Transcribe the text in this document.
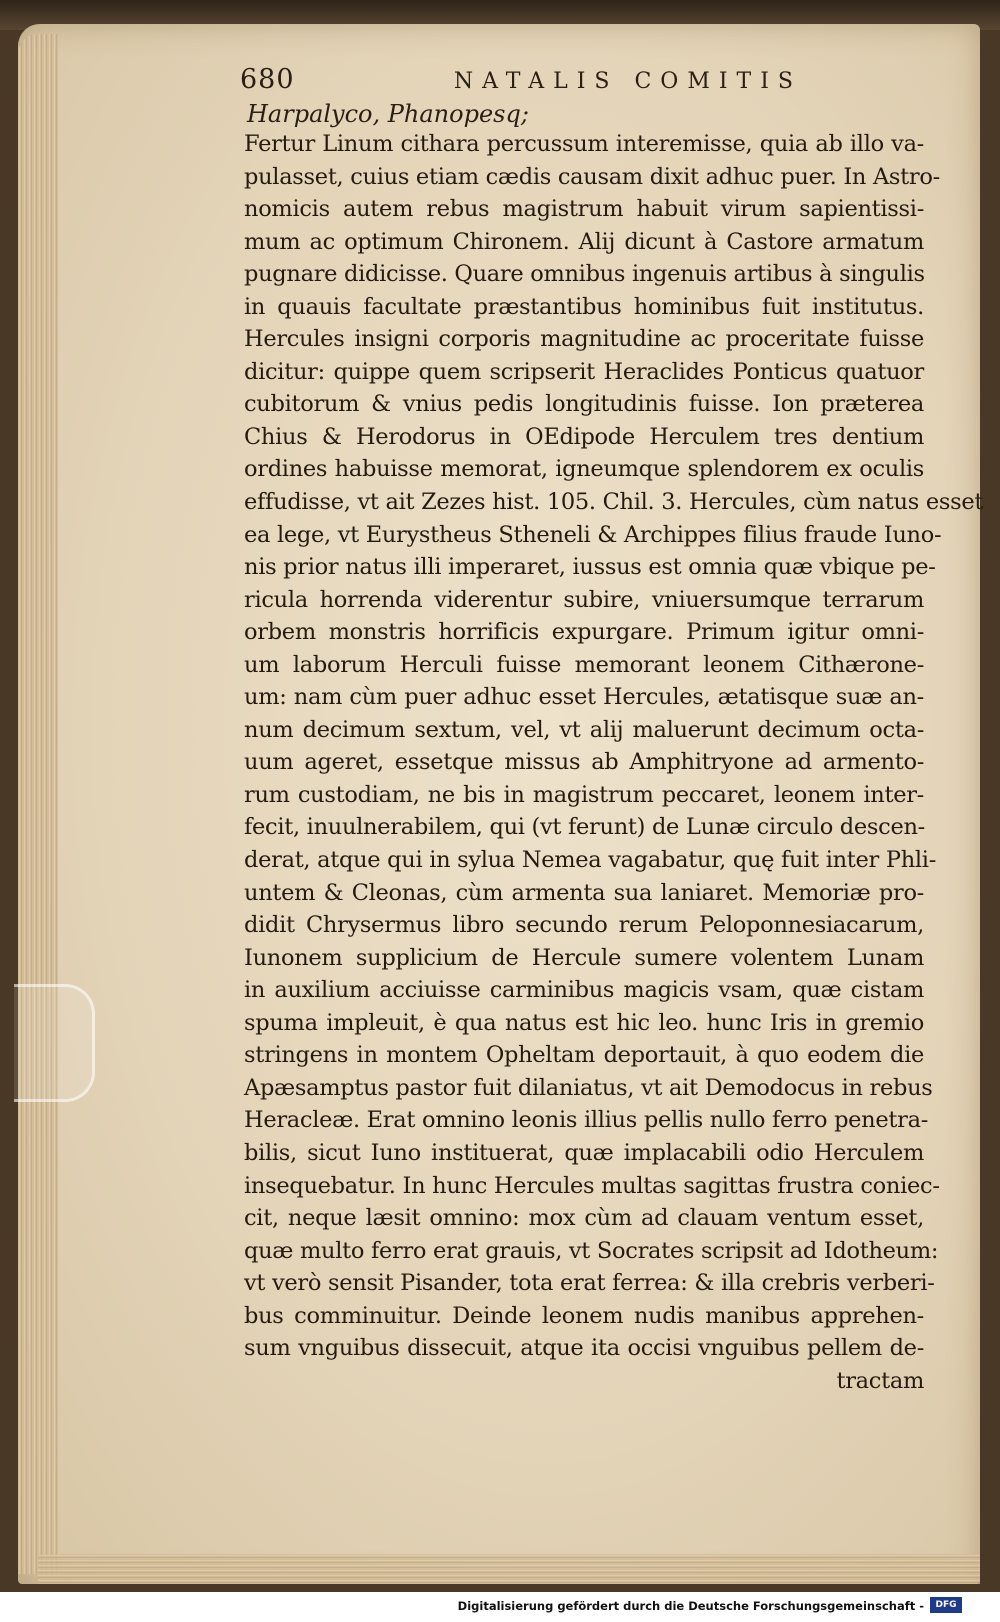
680	NATALIS COMITIS
Harpalyco, Phanopesq;
Fertur Linum cithara percussum interemisse, quia ab illo va-
pulasset, cuius etiam cædis causam dixit adhuc puer. In Astro-
nomicis autem rebus magistrum habuit virum sapientissi-
mum ac optimum Chironem. Alij dicunt à Castore armatum
pugnare didicisse. Quare omnibus ingenuis artibus à singulis
in quauis facultate præstantibus hominibus fuit institutus.
Hercules insigni corporis magnitudine ac proceritate fuisse
dicitur: quippe quem scripserit Heraclides Ponticus quatuor
cubitorum & vnius pedis longitudinis fuisse. Ion præterea
Chius & Herodorus in OEdipode Herculem tres dentium
ordines habuisse memorat, igneumque splendorem ex oculis
effudisse, vt ait Zezes hist. 105. Chil. 3. Hercules, cùm natus esset
ea lege, vt Eurystheus Stheneli & Archippes filius fraude Iuno-
nis prior natus illi imperaret, iussus est omnia quæ vbique pe-
ricula horrenda viderentur subire, vniuersumque terrarum
orbem monstris horrificis expurgare. Primum igitur omni-
um laborum Herculi fuisse memorant leonem Cithærone-
um: nam cùm puer adhuc esset Hercules, ætatisque suæ an-
num decimum sextum, vel, vt alij maluerunt decimum octa-
uum ageret, essetque missus ab Amphitryone ad armento-
rum custodiam, ne bis in magistrum peccaret, leonem inter-
fecit, inuulnerabilem, qui (vt ferunt) de Lunæ circulo descen-
derat, atque qui in sylua Nemea vagabatur, quę fuit inter Phli-
untem & Cleonas, cùm armenta sua laniaret. Memoriæ pro-
didit Chrysermus libro secundo rerum Peloponnesiacarum,
Iunonem supplicium de Hercule sumere volentem Lunam
in auxilium acciuisse carminibus magicis vsam, quæ cistam
spuma impleuit, è qua natus est hic leo. hunc Iris in gremio
stringens in montem Opheltam deportauit, à quo eodem die
Apæsamptus pastor fuit dilaniatus, vt ait Demodocus in rebus
Heracleæ. Erat omnino leonis illius pellis nullo ferro penetra-
bilis, sicut Iuno instituerat, quæ implacabili odio Herculem
insequebatur. In hunc Hercules multas sagittas frustra coniec-
cit, neque læsit omnino: mox cùm ad clauam ventum esset,
quæ multo ferro erat grauis, vt Socrates scripsit ad Idotheum:
vt verò sensit Pisander, tota erat ferrea: & illa crebris verberi-
bus comminuitur. Deinde leonem nudis manibus apprehen-
sum vnguibus dissecuit, atque ita occisi vnguibus pellem de-
tractam
Digitalisierung gefördert durch die Deutsche Forschungsgemeinschaft -	DFG
